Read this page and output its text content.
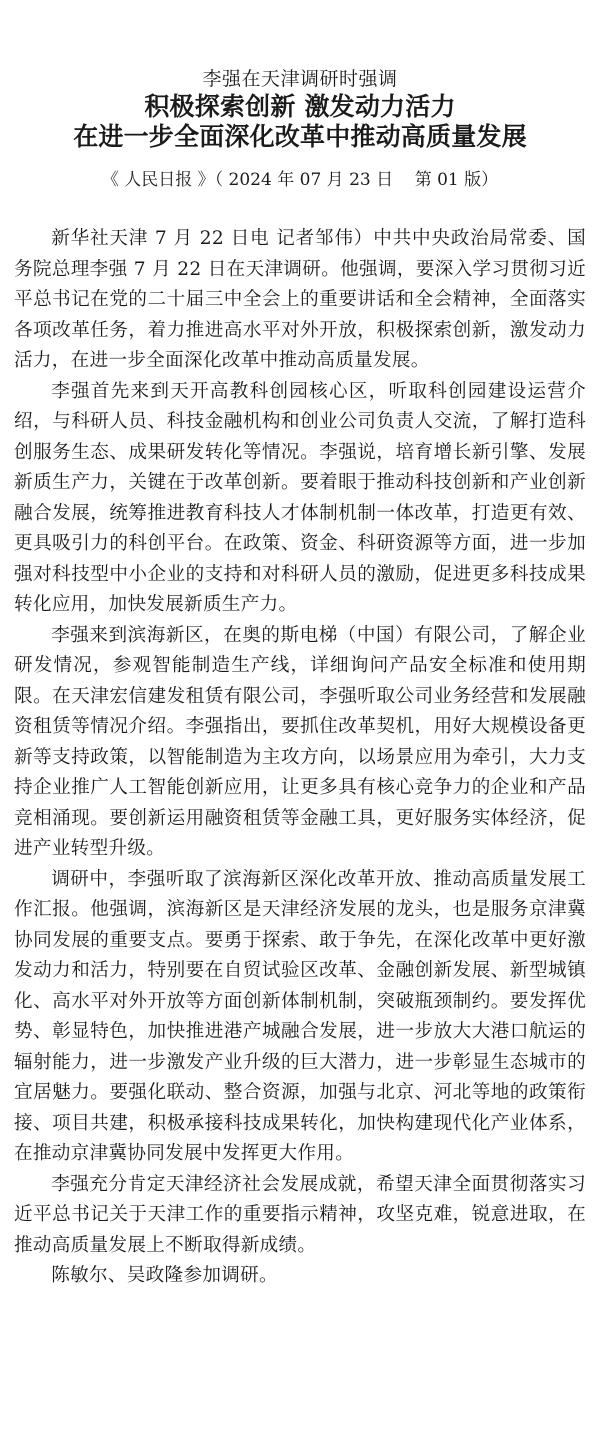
李强在天津调研时强调

积极探索创新 激发动力活力
在进一步全面深化改革中推动高质量发展

《 人民日报 》（ 2024 年 07 月 23 日    第 01 版）

新华社天津 7 月 22 日电 记者邹伟）中共中央政治局常委、国务院总理李强 7 月 22 日在天津调研。他强调，要深入学习贯彻习近平总书记在党的二十届三中全会上的重要讲话和全会精神，全面落实各项改革任务，着力推进高水平对外开放，积极探索创新，激发动力活力，在进一步全面深化改革中推动高质量发展。

李强首先来到天开高教科创园核心区，听取科创园建设运营介绍，与科研人员、科技金融机构和创业公司负责人交流，了解打造科创服务生态、成果研发转化等情况。李强说，培育增长新引擎、发展新质生产力，关键在于改革创新。要着眼于推动科技创新和产业创新融合发展，统筹推进教育科技人才体制机制一体改革，打造更有效、更具吸引力的科创平台。在政策、资金、科研资源等方面，进一步加强对科技型中小企业的支持和对科研人员的激励，促进更多科技成果转化应用，加快发展新质生产力。

李强来到滨海新区，在奥的斯电梯（中国）有限公司，了解企业研发情况，参观智能制造生产线，详细询问产品安全标准和使用期限。在天津宏信建发租赁有限公司，李强听取公司业务经营和发展融资租赁等情况介绍。李强指出，要抓住改革契机，用好大规模设备更新等支持政策，以智能制造为主攻方向，以场景应用为牵引，大力支持企业推广人工智能创新应用，让更多具有核心竞争力的企业和产品竞相涌现。要创新运用融资租赁等金融工具，更好服务实体经济，促进产业转型升级。

调研中，李强听取了滨海新区深化改革开放、推动高质量发展工作汇报。他强调，滨海新区是天津经济发展的龙头，也是服务京津冀协同发展的重要支点。要勇于探索、敢于争先，在深化改革中更好激发动力和活力，特别要在自贸试验区改革、金融创新发展、新型城镇化、高水平对外开放等方面创新体制机制，突破瓶颈制约。要发挥优势、彰显特色，加快推进港产城融合发展，进一步放大大港口航运的辐射能力，进一步激发产业升级的巨大潜力，进一步彰显生态城市的宜居魅力。要强化联动、整合资源，加强与北京、河北等地的政策衔接、项目共建，积极承接科技成果转化，加快构建现代化产业体系，在推动京津冀协同发展中发挥更大作用。

李强充分肯定天津经济社会发展成就，希望天津全面贯彻落实习近平总书记关于天津工作的重要指示精神，攻坚克难，锐意进取，在推动高质量发展上不断取得新成绩。

陈敏尔、吴政隆参加调研。
